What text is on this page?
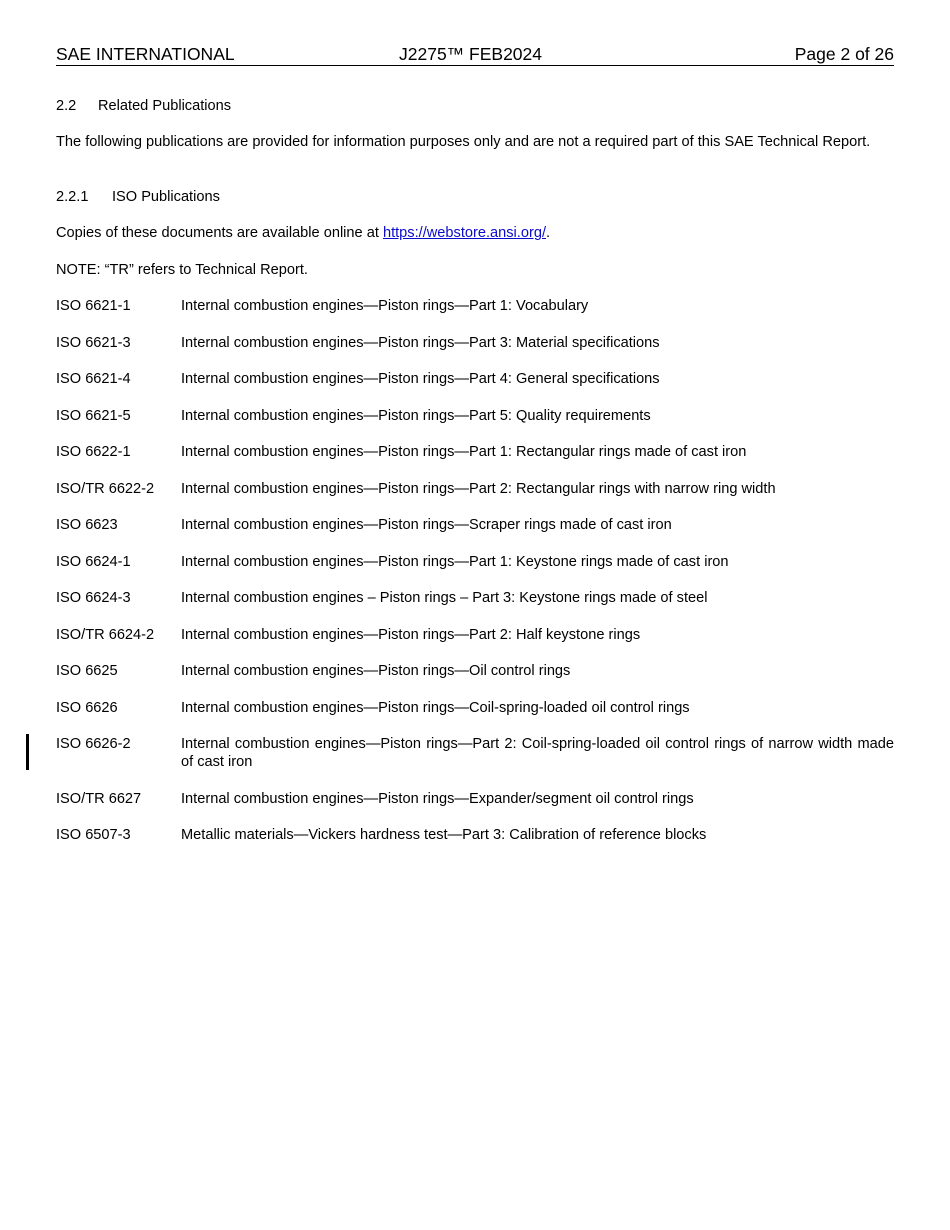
SAE INTERNATIONAL	J2275™ FEB2024	Page 2 of 26
2.2 Related Publications
The following publications are provided for information purposes only and are not a required part of this SAE Technical Report.
2.2.1 ISO Publications
Copies of these documents are available online at https://webstore.ansi.org/.
NOTE: “TR” refers to Technical Report.
ISO 6621-1	Internal combustion engines—Piston rings—Part 1: Vocabulary
ISO 6621-3	Internal combustion engines—Piston rings—Part 3: Material specifications
ISO 6621-4	Internal combustion engines—Piston rings—Part 4: General specifications
ISO 6621-5	Internal combustion engines—Piston rings—Part 5: Quality requirements
ISO 6622-1	Internal combustion engines—Piston rings—Part 1: Rectangular rings made of cast iron
ISO/TR 6622-2	Internal combustion engines—Piston rings—Part 2: Rectangular rings with narrow ring width
ISO 6623	Internal combustion engines—Piston rings—Scraper rings made of cast iron
ISO 6624-1	Internal combustion engines—Piston rings—Part 1: Keystone rings made of cast iron
ISO 6624-3	Internal combustion engines – Piston rings – Part 3: Keystone rings made of steel
ISO/TR 6624-2	Internal combustion engines—Piston rings—Part 2: Half keystone rings
ISO 6625	Internal combustion engines—Piston rings—Oil control rings
ISO 6626	Internal combustion engines—Piston rings—Coil-spring-loaded oil control rings
ISO 6626-2	Internal combustion engines—Piston rings—Part 2: Coil-spring-loaded oil control rings of narrow width made of cast iron
ISO/TR 6627	Internal combustion engines—Piston rings—Expander/segment oil control rings
ISO 6507-3	Metallic materials—Vickers hardness test—Part 3: Calibration of reference blocks
